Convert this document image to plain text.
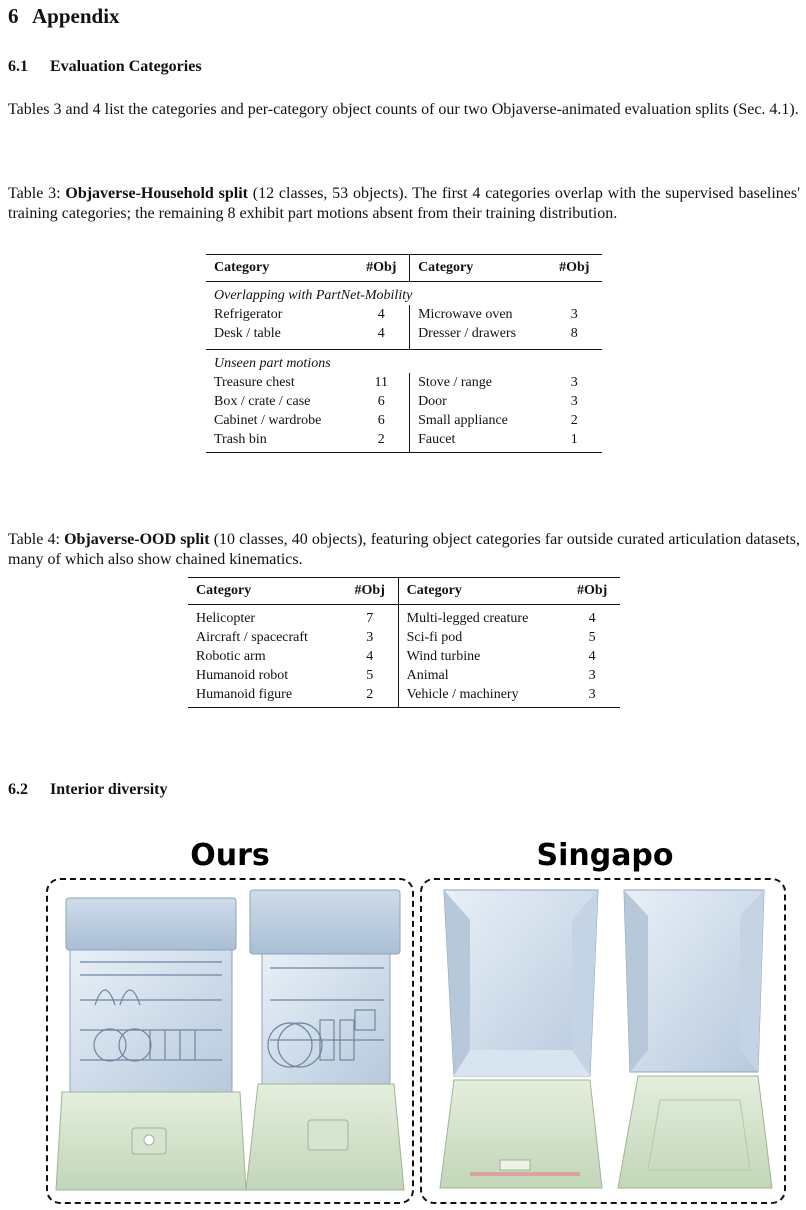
6 Appendix
6.1 Evaluation Categories
Tables 3 and 4 list the categories and per-category object counts of our two Objaverse-animated evaluation splits (Sec. 4.1).
Table 3: Objaverse-Household split (12 classes, 53 objects). The first 4 categories overlap with the supervised baselines' training categories; the remaining 8 exhibit part motions absent from their training distribution.
Category	#Obj	Category	#Obj
Overlapping with PartNet-Mobility			
Refrigerator	4	Microwave oven	3
Desk / table	4	Dresser / drawers	8
Unseen part motions			
Treasure chest	11	Stove / range	3
Box / crate / case	6	Door	3
Cabinet / wardrobe	6	Small appliance	2
Trash bin	2	Faucet	1
Table 4: Objaverse-OOD split (10 classes, 40 objects), featuring object categories far outside curated articulation datasets, many of which also show chained kinematics.
Category	#Obj	Category	#Obj
Helicopter	7	Multi-legged creature	4
Aircraft / spacecraft	3	Sci-fi pod	5
Robotic arm	4	Wind turbine	4
Humanoid robot	5	Animal	3
Humanoid figure	2	Vehicle / machinery	3
6.2 Interior diversity
Ours	Singapo
